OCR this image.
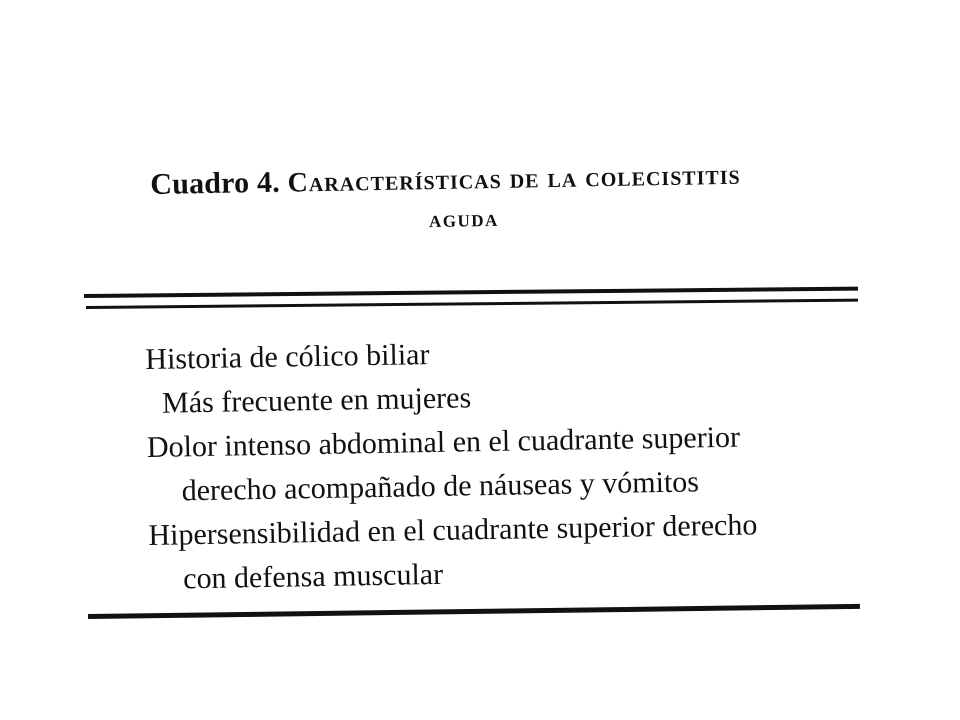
Cuadro 4. Características de la colecistitis
aguda
Historia de cólico biliar
Más frecuente en mujeres
Dolor intenso abdominal en el cuadrante superior
derecho acompañado de náuseas y vómitos
Hipersensibilidad en el cuadrante superior derecho
con defensa muscular
